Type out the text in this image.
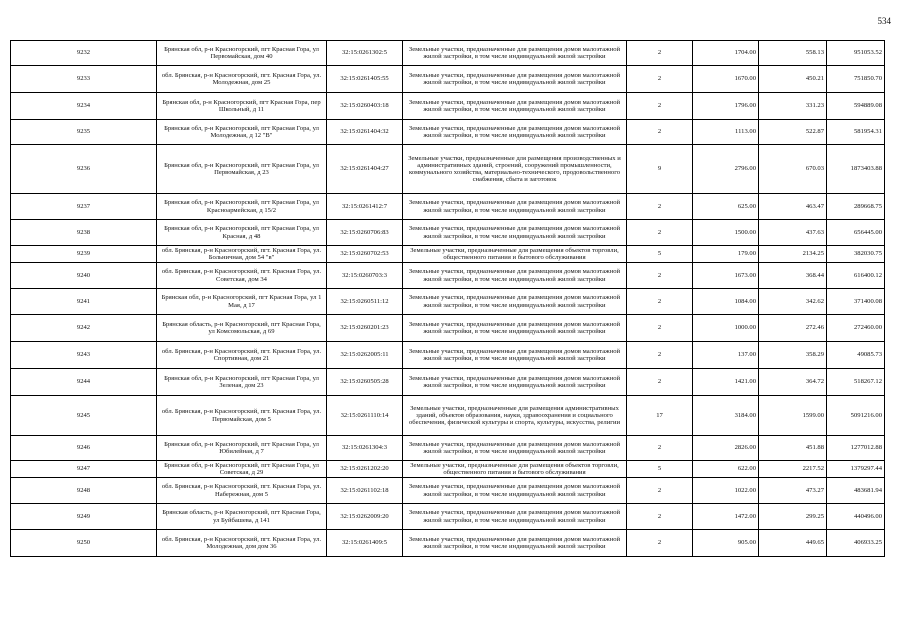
534
9232	Брянская обл, р-н Красногорский, пгт Красная Гора, ул Первомайская, дом 40	32:15:0261302:5	Земельные участки, предназначенные для размещения домов малоэтажной жилой застройки, в том числе индивидуальной жилой застройки	2	1704.00	558.13	951053.52
9233	обл. Брянская, р-н Красногорский, пгт. Красная Гора, ул. Молодежная, дом 25	32:15:0261405:55	Земельные участки, предназначенные для размещения домов малоэтажной жилой застройки, в том числе индивидуальной жилой застройки	2	1670.00	450.21	751850.70
9234	Брянская обл, р-н Красногорский, пгт Красная Гора, пер Школьный, д 11	32:15:0260403:18	Земельные участки, предназначенные для размещения домов малоэтажной жилой застройки, в том числе индивидуальной жилой застройки	2	1796.00	331.23	594889.08
9235	Брянская обл, р-н Красногорский, пгт Красная Гора, ул Молодежная, д 12 "В"	32:15:0261404:32	Земельные участки, предназначенные для размещения домов малоэтажной жилой застройки, в том числе индивидуальной жилой застройки	2	1113.00	522.87	581954.31
9236	Брянская обл, р-н Красногорский, пгт Красная Гора, ул Первомайская, д 23	32:15:0261404:27	Земельные участки, предназначенные для размещения производственных и административных зданий, строений, сооружений промышленности, коммунального хозяйства, материально-технического, продовольственного снабжения, сбыта и заготовок	9	2796.00	670.03	1873403.88
9237	Брянская обл, р-н Красногорский, пгт Красная Гора, ул Красноармейская, д 15/2	32:15:0261412:7	Земельные участки, предназначенные для размещения домов малоэтажной жилой застройки, в том числе индивидуальной жилой застройки	2	625.00	463.47	289668.75
9238	Брянская обл, р-н Красногорский, пгт Красная Гора, ул Красная, д 48	32:15:0260706:83	Земельные участки, предназначенные для размещения домов малоэтажной жилой застройки, в том числе индивидуальной жилой застройки	2	1500.00	437.63	656445.00
9239	обл. Брянская, р-н Красногорский, пгт. Красная Гора, ул. Больничная, дом 54 "в"	32:15:0260702:53	Земельные участки, предназначенные для размещения объектов торговли, общественного питания и бытового обслуживания	5	179.00	2134.25	382030.75
9240	обл. Брянская, р-н Красногорский, пгт. Красная Гора, ул. Советская, дом 34	32:15:0260703:3	Земельные участки, предназначенные для размещения домов малоэтажной жилой застройки, в том числе индивидуальной жилой застройки	2	1673.00	368.44	616400.12
9241	Брянская обл, р-н Красногорский, пгт Красная Гора, ул 1 Мая, д 17	32:15:0260511:12	Земельные участки, предназначенные для размещения домов малоэтажной жилой застройки, в том числе индивидуальной жилой застройки	2	1084.00	342.62	371400.08
9242	Брянская область, р-н Красногорский, пгт Красная Гора, ул Комсомольская, д 69	32:15:0260201:23	Земельные участки, предназначенные для размещения домов малоэтажной жилой застройки, в том числе индивидуальной жилой застройки	2	1000.00	272.46	272460.00
9243	обл. Брянская, р-н Красногорский, пгт. Красная Гора, ул. Спортивная, дом 21	32:15:0262005:11	Земельные участки, предназначенные для размещения домов малоэтажной жилой застройки, в том числе индивидуальной жилой застройки	2	137.00	358.29	49085.73
9244	Брянская обл, р-н Красногорский, пгт Красная Гора, ул Зеленая, дом 23	32:15:0260505:28	Земельные участки, предназначенные для размещения домов малоэтажной жилой застройки, в том числе индивидуальной жилой застройки	2	1421.00	364.72	518267.12
9245	обл. Брянская, р-н Красногорский, пгт. Красная Гора, ул. Первомайская, дом 5	32:15:0261110:14	Земельные участки, предназначенные для размещения административных зданий, объектов образования, науки, здравоохранения и социального обеспечения, физической культуры и спорта, культуры, искусства, религии	17	3184.00	1599.00	5091216.00
9246	Брянская обл, р-н Красногорский, пгт Красная Гора, ул Юбилейная, д 7	32:15:0261304:3	Земельные участки, предназначенные для размещения домов малоэтажной жилой застройки, в том числе индивидуальной жилой застройки	2	2826.00	451.88	1277012.88
9247	Брянская обл, р-н Красногорский, пгт Красная Гора, ул Советская, д 29	32:15:0261202:20	Земельные участки, предназначенные для размещения объектов торговли, общественного питания и бытового обслуживания	5	622.00	2217.52	1379297.44
9248	обл. Брянская, р-н Красногорский, пгт. Красная Гора, ул. Набережная, дом 5	32:15:0261102:18	Земельные участки, предназначенные для размещения домов малоэтажной жилой застройки, в том числе индивидуальной жилой застройки	2	1022.00	473.27	483681.94
9249	Брянская область, р-н Красногорский, пгт Красная Гора, ул Буйбашева, д 141	32:15:0262009:20	Земельные участки, предназначенные для размещения домов малоэтажной жилой застройки, в том числе индивидуальной жилой застройки	2	1472.00	299.25	440496.00
9250	обл. Брянская, р-н Красногорский, пгт. Красная Гора, ул. Молодежная, дом дом 36	32:15:0261409:5	Земельные участки, предназначенные для размещения домов малоэтажной жилой застройки, в том числе индивидуальной жилой застройки	2	905.00	449.65	406933.25
